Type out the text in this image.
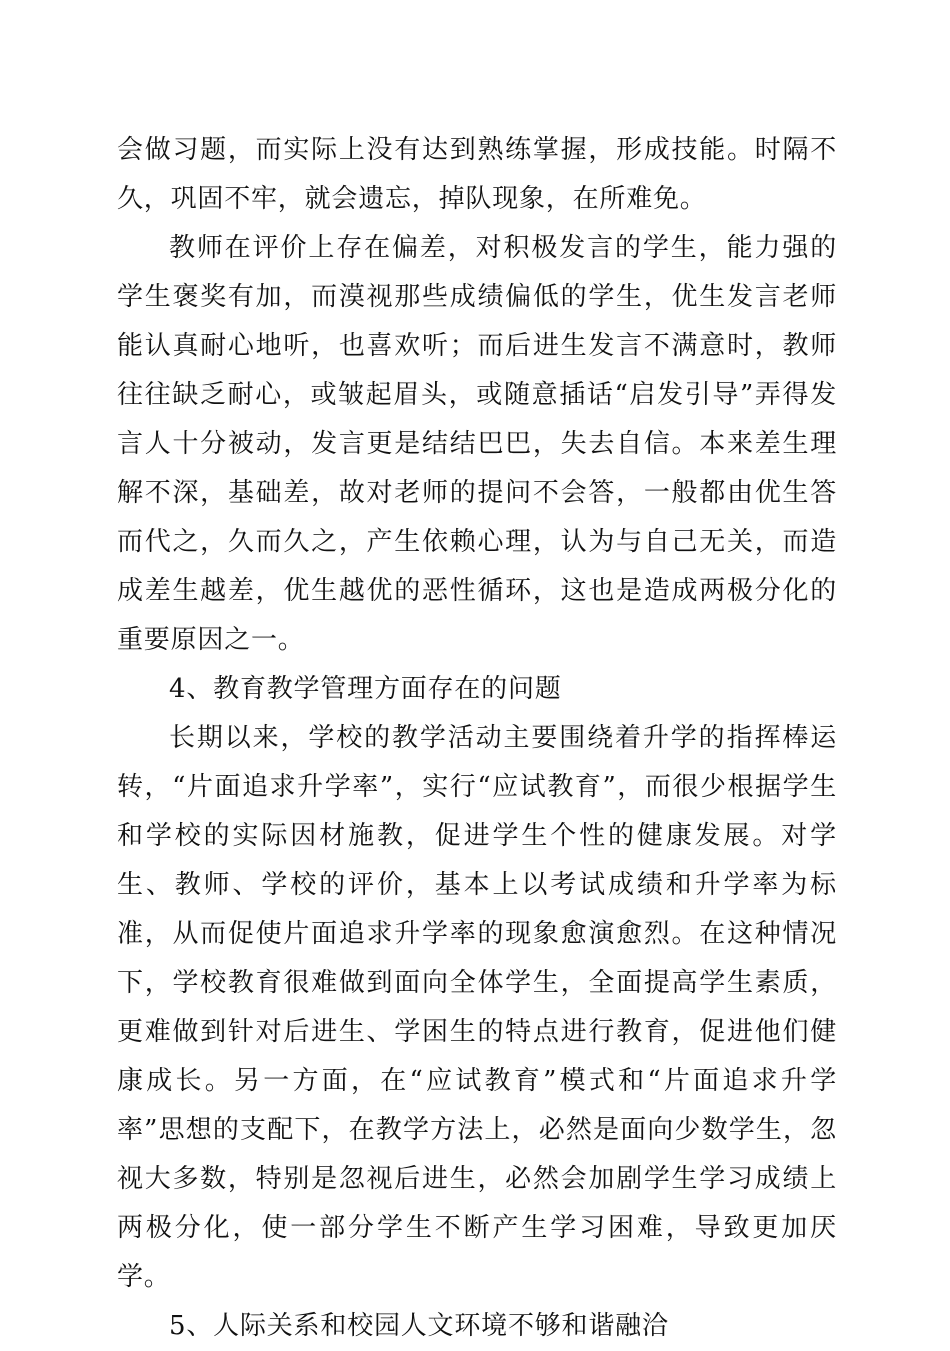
会做习题，而实际上没有达到熟练掌握，形成技能。时隔不久，巩固不牢，就会遗忘，掉队现象，在所难免。

教师在评价上存在偏差，对积极发言的学生，能力强的学生褒奖有加，而漠视那些成绩偏低的学生，优生发言老师能认真耐心地听，也喜欢听；而后进生发言不满意时，教师往往缺乏耐心，或皱起眉头，或随意插话“启发引导”弄得发言人十分被动，发言更是结结巴巴，失去自信。本来差生理解不深，基础差，故对老师的提问不会答，一般都由优生答而代之，久而久之，产生依赖心理，认为与自己无关，而造成差生越差，优生越优的恶性循环，这也是造成两极分化的重要原因之一。

4、教育教学管理方面存在的问题

长期以来，学校的教学活动主要围绕着升学的指挥棒运转，“片面追求升学率”，实行“应试教育”，而很少根据学生和学校的实际因材施教，促进学生个性的健康发展。对学生、教师、学校的评价，基本上以考试成绩和升学率为标准，从而促使片面追求升学率的现象愈演愈烈。在这种情况下，学校教育很难做到面向全体学生，全面提高学生素质，更难做到针对后进生、学困生的特点进行教育，促进他们健康成长。另一方面，在“应试教育”模式和“片面追求升学率”思想的支配下，在教学方法上，必然是面向少数学生，忽视大多数，特别是忽视后进生，必然会加剧学生学习成绩上两极分化，使一部分学生不断产生学习困难，导致更加厌学。

5、人际关系和校园人文环境不够和谐融洽
